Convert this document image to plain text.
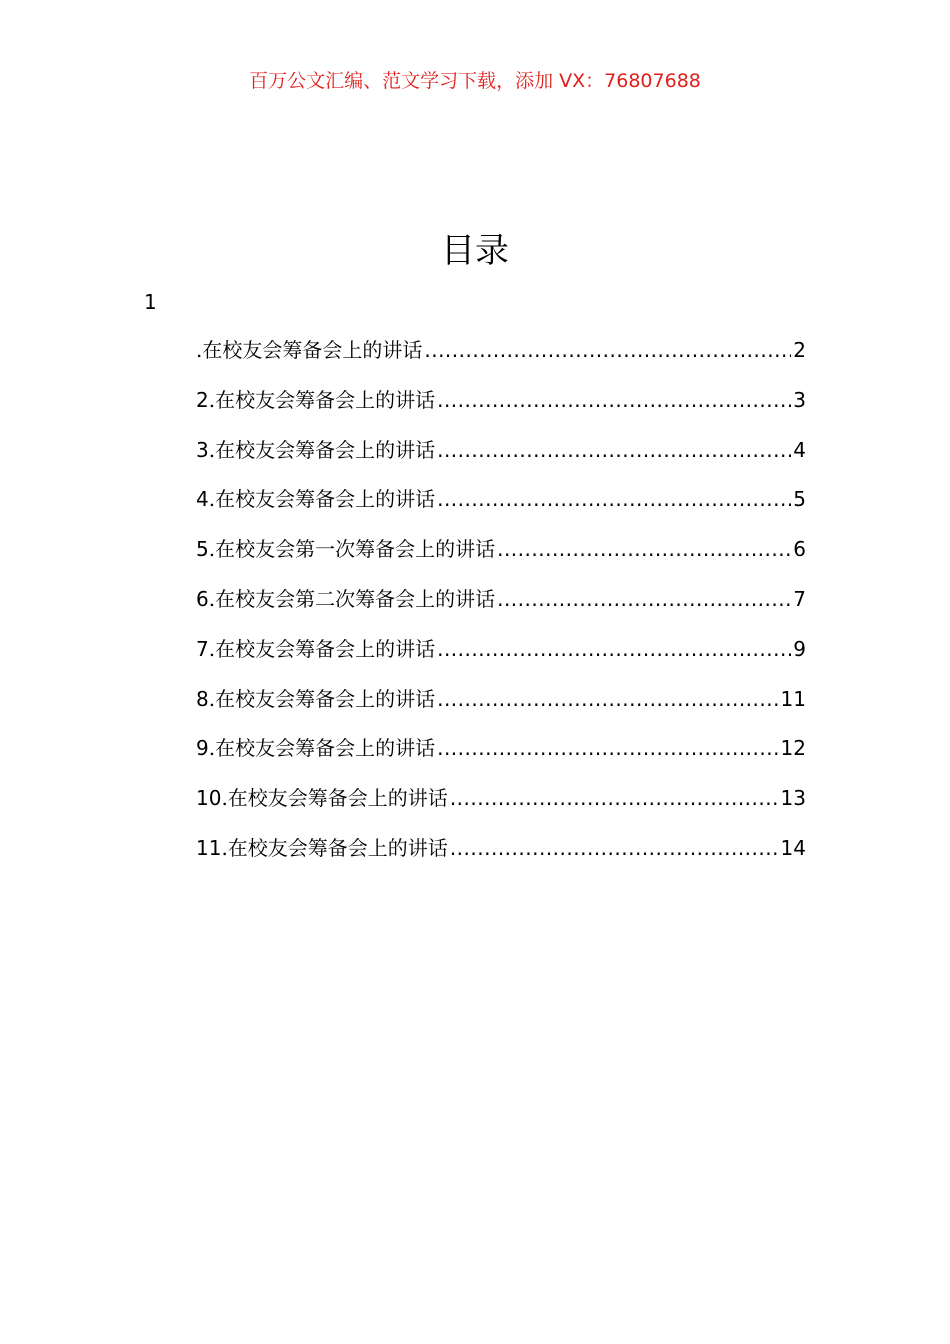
百万公文汇编、范文学习下载，添加 VX：76807688
目录
1
.在校友会筹备会上的讲话 .....	2
2 .在校友会筹备会上的讲话 .....	3
3 .在校友会筹备会上的讲话 .....	4
4 .在校友会筹备会上的讲话 .....	5
5 .在校友会第一次筹备会上的讲话 .....	6
6 .在校友会第二次筹备会上的讲话 .....	7
7 .在校友会筹备会上的讲话 .....	9
8 .在校友会筹备会上的讲话 .....	11
9 .在校友会筹备会上的讲话 .....	12
10 .在校友会筹备会上的讲话 .....	13
11 .在校友会筹备会上的讲话 .....	14
